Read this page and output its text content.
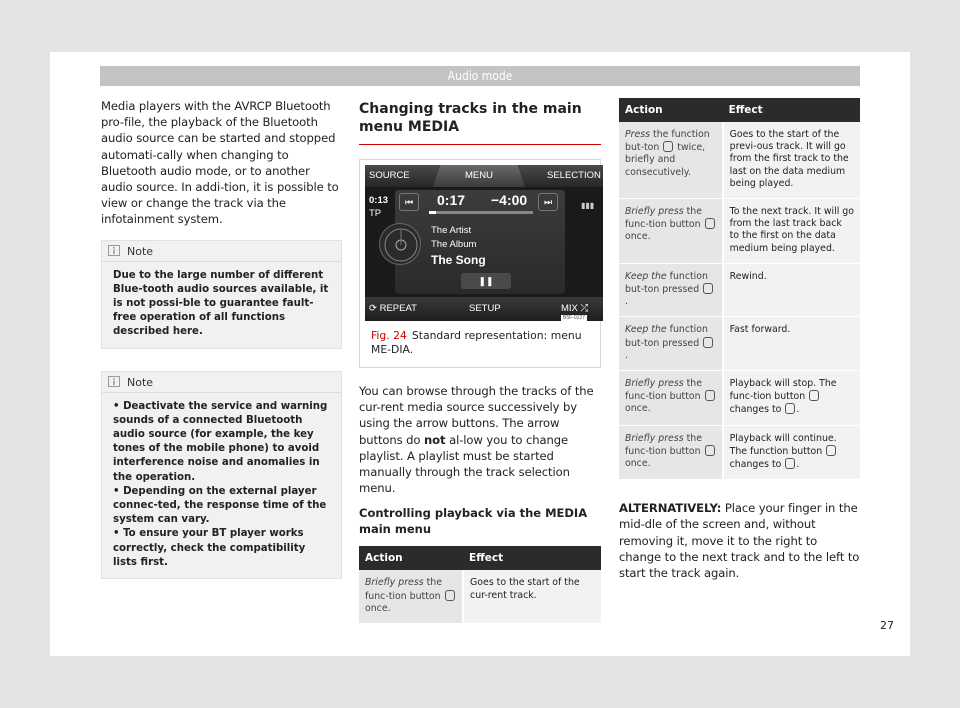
Audio mode

Media players with the AVRCP Bluetooth pro-file, the playback of the Bluetooth audio source can be started and stopped automati-cally when changing to Bluetooth audio mode, or to another audio source. In addi-tion, it is possible to view or change the track via the infotainment system.

Note
Due to the large number of different Blue-tooth audio sources available, it is not possi-ble to guarantee fault-free operation of all functions described here.
Note
• Deactivate the service and warning sounds of a connected Bluetooth audio source (for example, the key tones of the mobile phone) to avoid interference noise and anomalies in the operation.
• Depending on the external player connec-ted, the response time of the system can vary.
• To ensure your BT player works correctly, check the compatibility lists first.
Changing tracks in the main menu MEDIA
SOURCE	MENU	SELECTION
0:13
TP
⏮	⏭
0:17 −4:00
The Artist
The Album
The Song
❚❚
▮▮▮
⟳ REPEAT	SETUP	MIX ⤮
B5F-0127
Fig. 24 Standard representation: menu ME-DIA.

You can browse through the tracks of the cur-rent media source successively by using the arrow buttons. The arrow buttons do not al-low you to change playlist. A playlist must be started manually through the track selection menu.

Controlling playback via the MEDIA main menu
Action	Effect
Briefly press the func-tion button  once.	Goes to the start of the cur-rent track.
Action	Effect
Press the function but-ton  twice, briefly and consecutively.	Goes to the start of the previ-ous track. It will go from the first track to the last on the data medium being played.
Briefly press the func-tion button  once.	To the next track. It will go from the last track back to the first on the data medium being played.
Keep the function but-ton pressed .	Rewind.
Keep the function but-ton pressed .	Fast forward.
Briefly press the func-tion button  once.	Playback will stop. The func-tion button  changes to .
Briefly press the func-tion button  once.	Playback will continue. The function button  changes to .

ALTERNATIVELY: Place your finger in the mid-dle of the screen and, without removing it, move it to the right to change to the next track and to the left to start the track again.

27
